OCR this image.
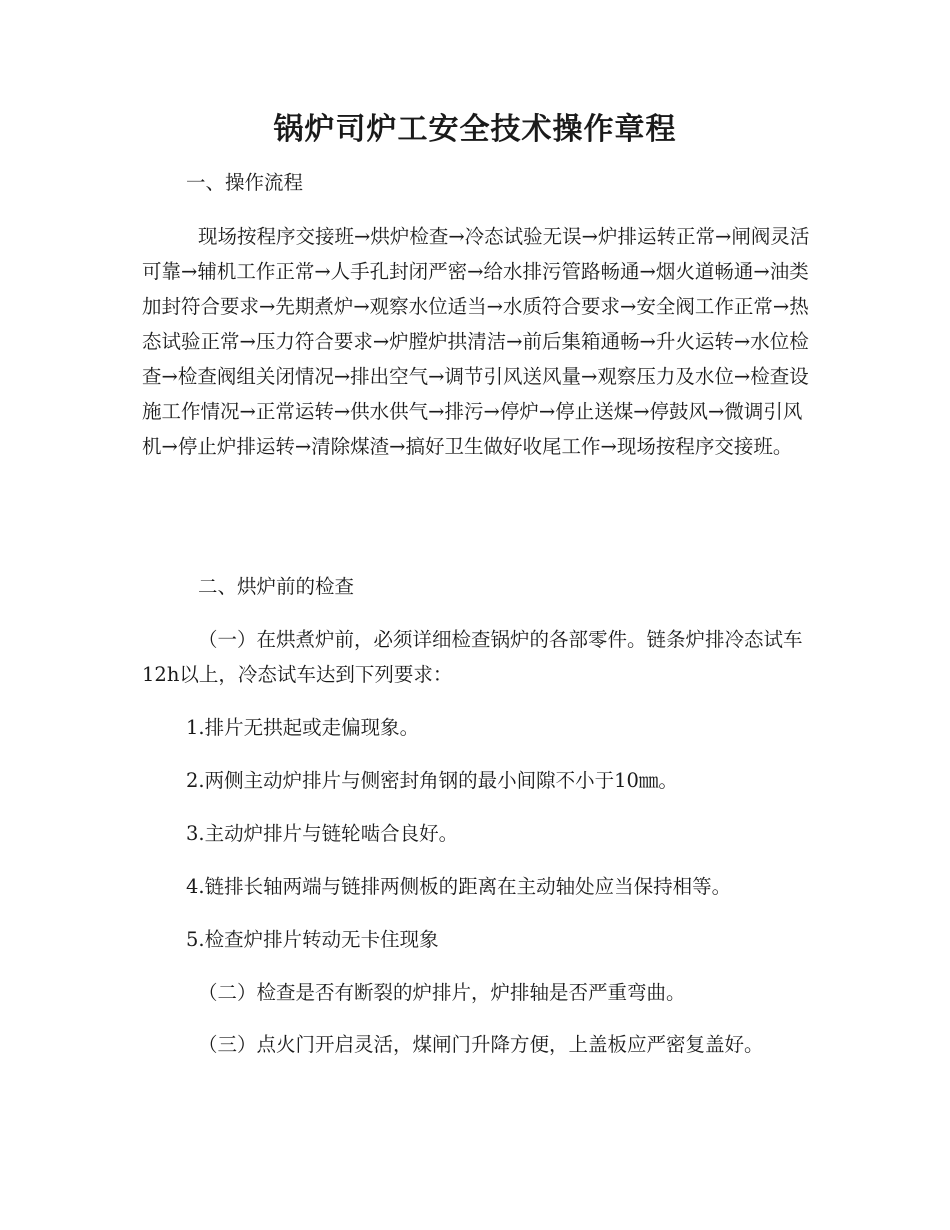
锅炉司炉工安全技术操作章程

一、操作流程

现场按程序交接班→烘炉检查→冷态试验无误→炉排运转正常→闸阀灵活可靠→辅机工作正常→人手孔封闭严密→给水排污管路畅通→烟火道畅通→油类加封符合要求→先期煮炉→观察水位适当→水质符合要求→安全阀工作正常→热态试验正常→压力符合要求→炉膛炉拱清洁→前后集箱通畅→升火运转→水位检查→检查阀组关闭情况→排出空气→调节引风送风量→观察压力及水位→检查设施工作情况→正常运转→供水供气→排污→停炉→停止送煤→停鼓风→微调引风机→停止炉排运转→清除煤渣→搞好卫生做好收尾工作→现场按程序交接班。

二、烘炉前的检查

（一）在烘煮炉前，必须详细检查锅炉的各部零件。链条炉排冷态试车12h以上，冷态试车达到下列要求：

1.排片无拱起或走偏现象。

2.两侧主动炉排片与侧密封角钢的最小间隙不小于10㎜。

3.主动炉排片与链轮啮合良好。

4.链排长轴两端与链排两侧板的距离在主动轴处应当保持相等。

5.检查炉排片转动无卡住现象

（二）检查是否有断裂的炉排片，炉排轴是否严重弯曲。

（三）点火门开启灵活，煤闸门升降方便，上盖板应严密复盖好。
